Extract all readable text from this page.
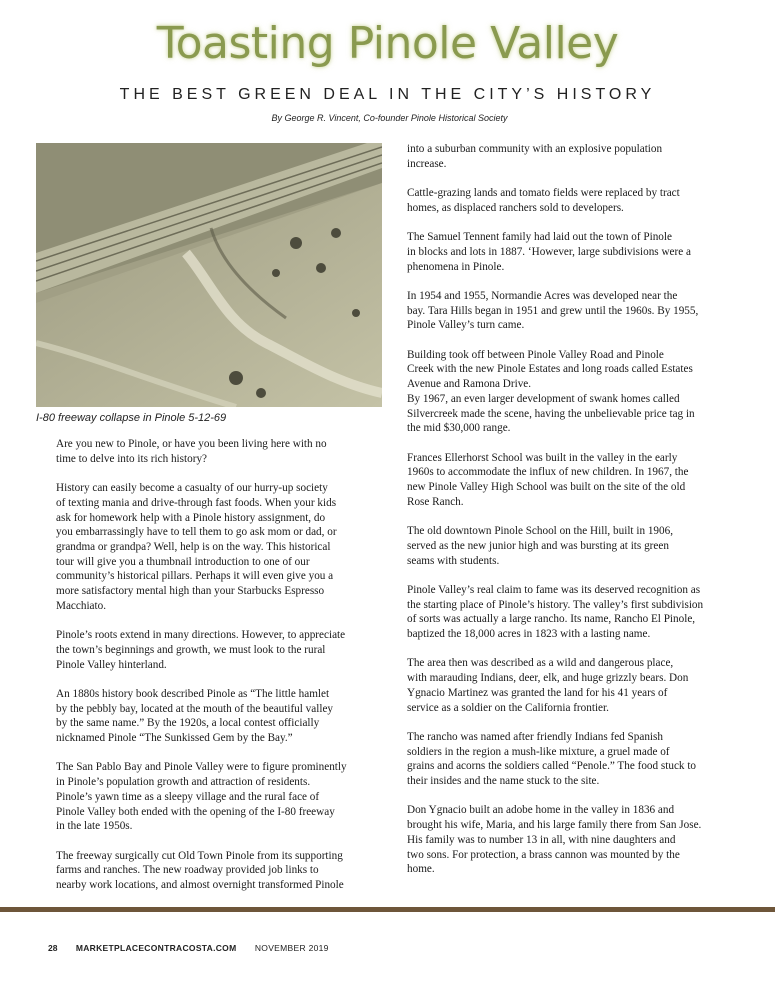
Toasting Pinole Valley
THE BEST GREEN DEAL IN THE CITY’S HISTORY
By George R. Vincent, Co-founder Pinole Historical Society
I-80 freeway collapse in Pinole 5-12-69

Are you new to Pinole, or have you been living here with no
time to delve into its rich history?

History can easily become a casualty of our hurry-up society
of texting mania and drive-through fast foods. When your kids
ask for homework help with a Pinole history assignment, do
you embarrassingly have to tell them to go ask mom or dad, or
grandma or grandpa? Well, help is on the way. This historical
tour will give you a thumbnail introduction to one of our
community’s historical pillars. Perhaps it will even give you a
more satisfactory mental high than your Starbucks Espresso
Macchiato.

Pinole’s roots extend in many directions. However, to appreciate
the town’s beginnings and growth, we must look to the rural
Pinole Valley hinterland.

An 1880s history book described Pinole as “The little hamlet
by the pebbly bay, located at the mouth of the beautiful valley
by the same name.” By the 1920s, a local contest officially
nicknamed Pinole “The Sunkissed Gem by the Bay.”

The San Pablo Bay and Pinole Valley were to figure prominently
in Pinole’s population growth and attraction of residents.
Pinole’s yawn time as a sleepy village and the rural face of
Pinole Valley both ended with the opening of the I-80 freeway
in the late 1950s.

The freeway surgically cut Old Town Pinole from its supporting
farms and ranches. The new roadway provided job links to
nearby work locations, and almost overnight transformed Pinole

into a suburban community with an explosive population
increase.

Cattle-grazing lands and tomato fields were replaced by tract
homes, as displaced ranchers sold to developers.

The Samuel Tennent family had laid out the town of Pinole
in blocks and lots in 1887. ‘However, large subdivisions were a
phenomena in Pinole.

In 1954 and 1955, Normandie Acres was developed near the
bay. Tara Hills began in 1951 and grew until the 1960s. By 1955,
Pinole Valley’s turn came.

Building took off between Pinole Valley Road and Pinole
Creek with the new Pinole Estates and long roads called Estates
Avenue and Ramona Drive.
By 1967, an even larger development of swank homes called
Silvercreek made the scene, having the unbelievable price tag in
the mid $30,000 range.

Frances Ellerhorst School was built in the valley in the early
1960s to accommodate the influx of new children. In 1967, the
new Pinole Valley High School was built on the site of the old
Rose Ranch.

The old downtown Pinole School on the Hill, built in 1906,
served as the new junior high and was bursting at its green
seams with students.

Pinole Valley’s real claim to fame was its deserved recognition as
the starting place of Pinole’s history. The valley’s first subdivision
of sorts was actually a large rancho. Its name, Rancho El Pinole,
baptized the 18,000 acres in 1823 with a lasting name.

The area then was described as a wild and dangerous place,
with marauding Indians, deer, elk, and huge grizzly bears. Don
Ygnacio Martinez was granted the land for his 41 years of
service as a soldier on the California frontier.

The rancho was named after friendly Indians fed Spanish
soldiers in the region a mush-like mixture, a gruel made of
grains and acorns the soldiers called “Penole.” The food stuck to
their insides and the name stuck to the site.

Don Ygnacio built an adobe home in the valley in 1836 and
brought his wife, Maria, and his large family there from San Jose.
His family was to number 13 in all, with nine daughters and
two sons. For protection, a brass cannon was mounted by the
home.

28 MARKETPLACECONTRACOSTA.COM NOVEMBER 2019
